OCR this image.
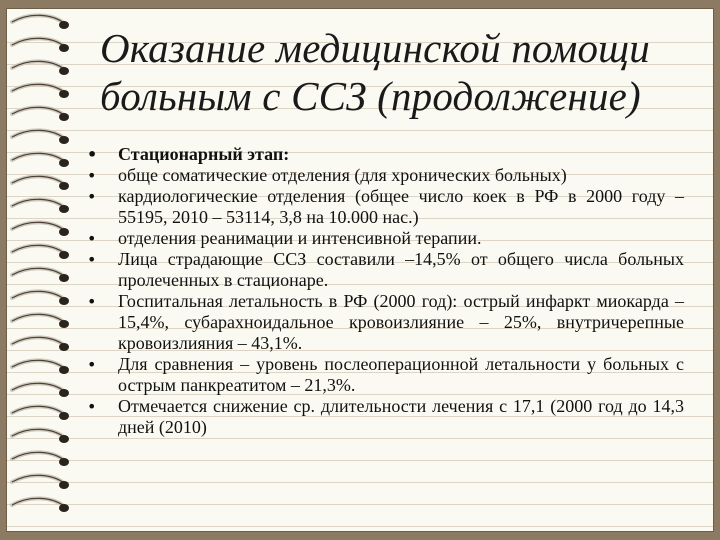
Оказание медицинской помощи
больным с ССЗ (продолжение)
• Стационарный этап:
• обще соматические отделения (для хронических больных)
• кардиологические отделения (общее число коек в РФ в 2000 году – 55195, 2010 – 53114, 3,8 на 10.000 нас.)
• отделения реанимации и интенсивной терапии.
• Лица страдающие ССЗ составили –14,5% от общего числа больных пролеченных в стационаре.
• Госпитальная летальность в РФ (2000 год): острый инфаркт миокарда – 15,4%, субарахноидальное кровоизлияние – 25%, внутричерепные кровоизлияния – 43,1%.
• Для сравнения – уровень послеоперационной летальности у больных с острым панкреатитом – 21,3%.
• Отмечается снижение ср. длительности лечения с 17,1 (2000 год до 14,3 дней (2010)
